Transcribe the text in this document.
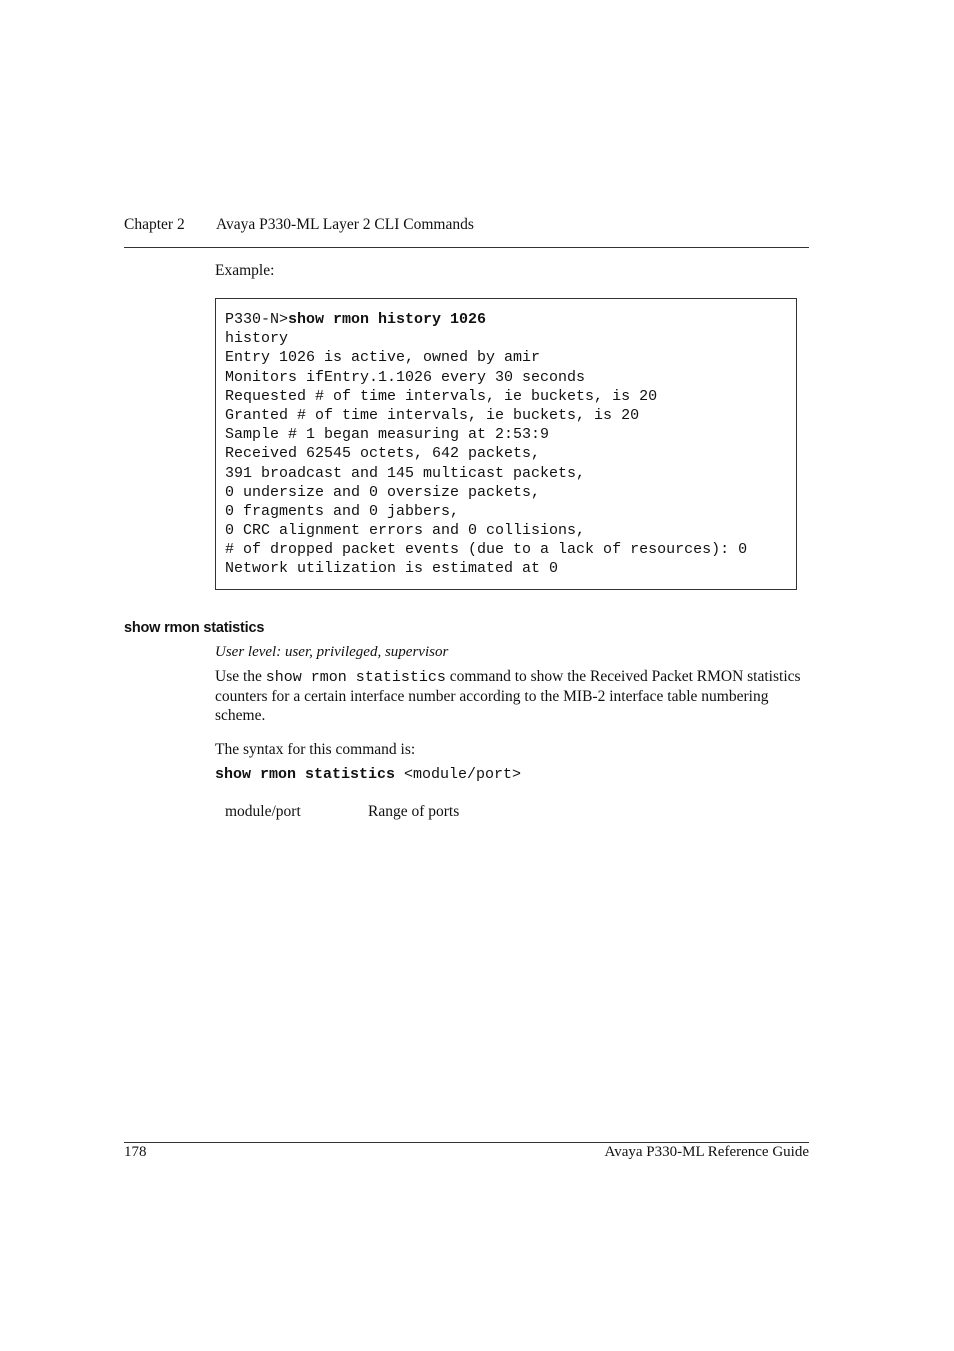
Chapter 2 Avaya P330-ML Layer 2 CLI Commands
Example:
P330-N>show rmon history 1026
history
Entry 1026 is active, owned by amir
Monitors ifEntry.1.1026 every 30 seconds
Requested # of time intervals, ie buckets, is 20
Granted # of time intervals, ie buckets, is 20
Sample # 1 began measuring at 2:53:9
Received 62545 octets, 642 packets,
391 broadcast and 145 multicast packets,
0 undersize and 0 oversize packets,
0 fragments and 0 jabbers,
0 CRC alignment errors and 0 collisions,
# of dropped packet events (due to a lack of resources): 0
Network utilization is estimated at 0
show rmon statistics
User level: user, privileged, supervisor
Use the show rmon statistics command to show the Received Packet RMON statistics counters for a certain interface number according to the MIB-2 interface table numbering scheme.
The syntax for this command is:
show rmon statistics <module/port>
module/port	Range of ports
178	Avaya P330-ML Reference Guide
